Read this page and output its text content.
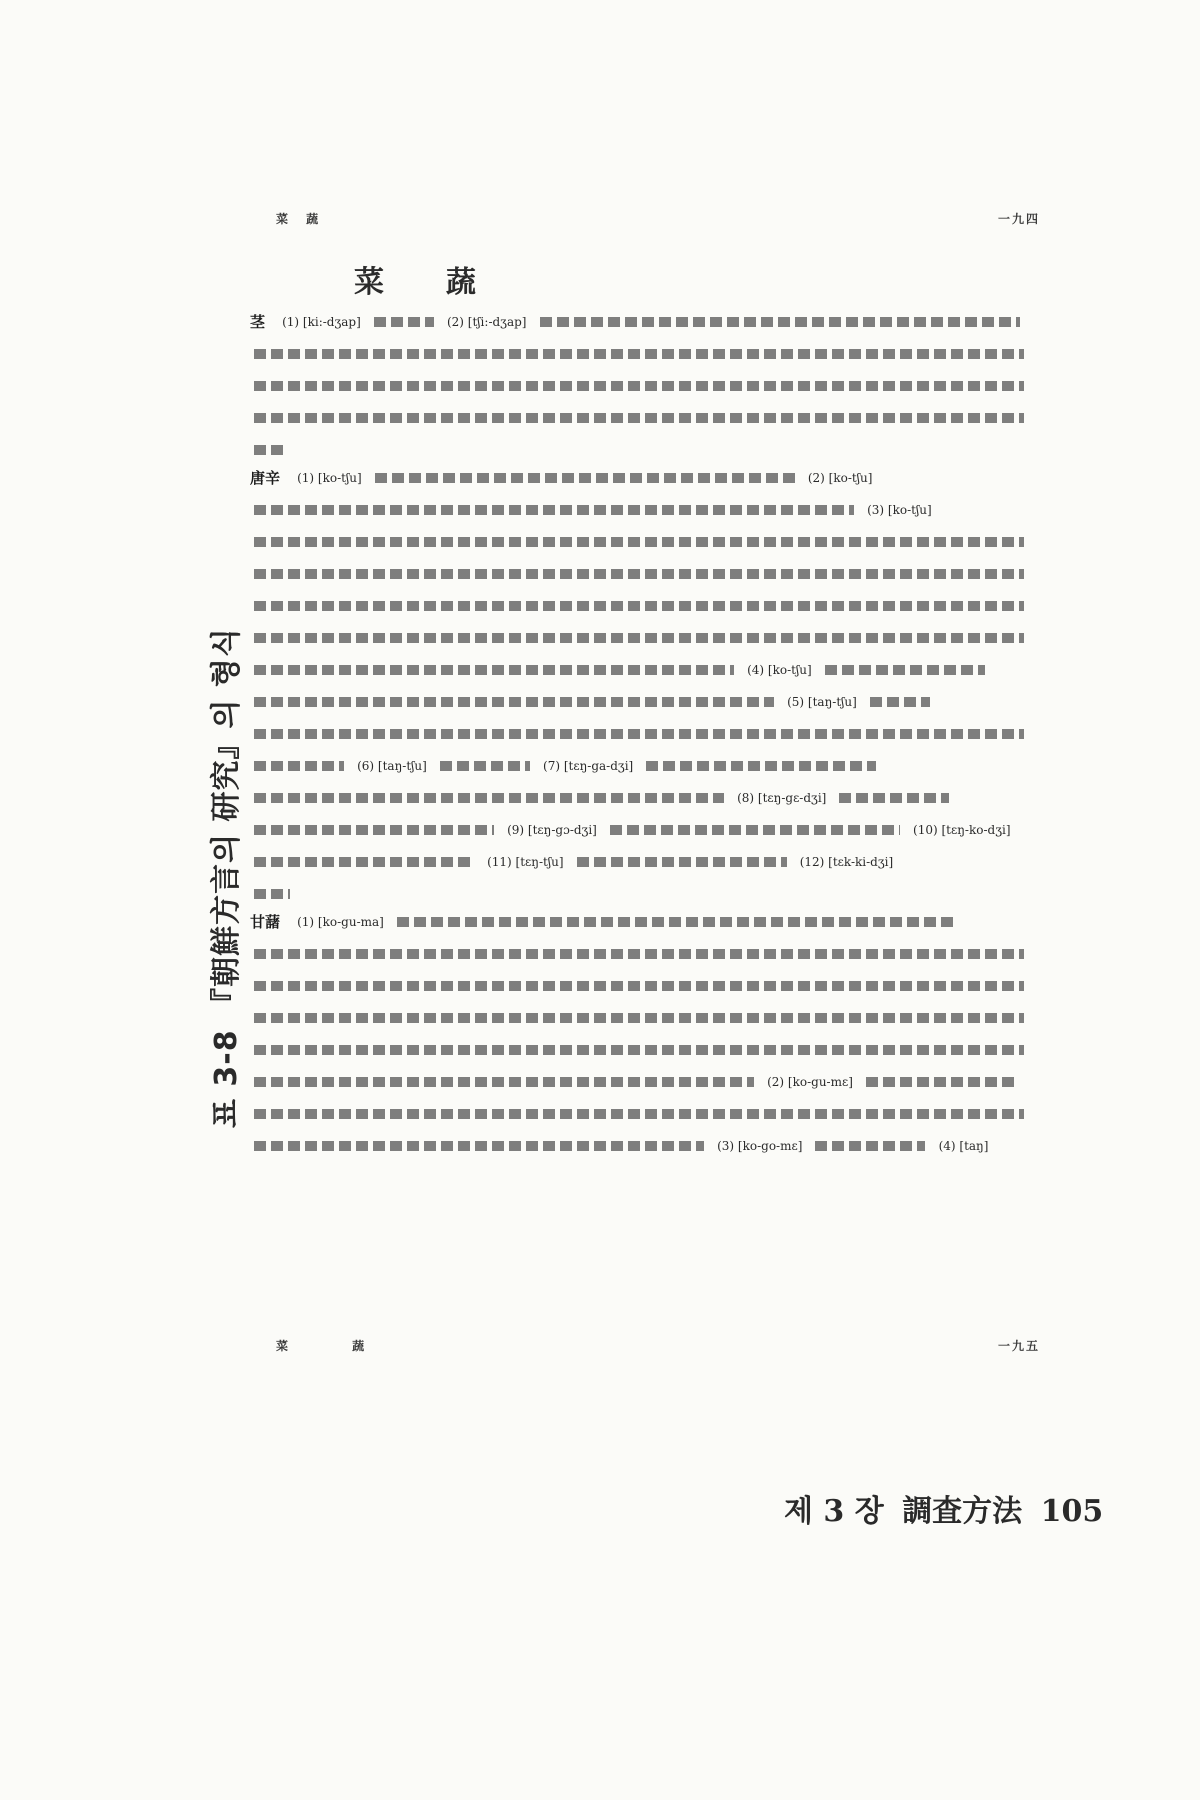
표 3-8 『朝鮮方言의 研究』의 형식
菜 蔬	一九四
菜蔬
茎 (1) [ki:-dʒap]	(2) [tʃi:-dʒap]
唐辛 (1) [ko-tʃu]	(2) [ko-tʃu]
(3) [ko-tʃu]
(4) [ko-tʃu]
(5) [taŋ-tʃu]
(6) [taŋ-tʃu]	(7) [tɛŋ-ga-dʒi]
(8) [tɛŋ-gɛ-dʒi]
(9) [tɛŋ-gɔ-dʒi]	(10) [tɛŋ-ko-dʒi]
(11) [tɛŋ-tʃu]	(12) [tɛk-ki-dʒi]
甘藷 (1) [ko-gu-ma]
(2) [ko-gu-mɛ]
(3) [ko-go-mɛ]	(4) [taŋ]
菜 蔬	一九五
제 3 장 調査方法 105
